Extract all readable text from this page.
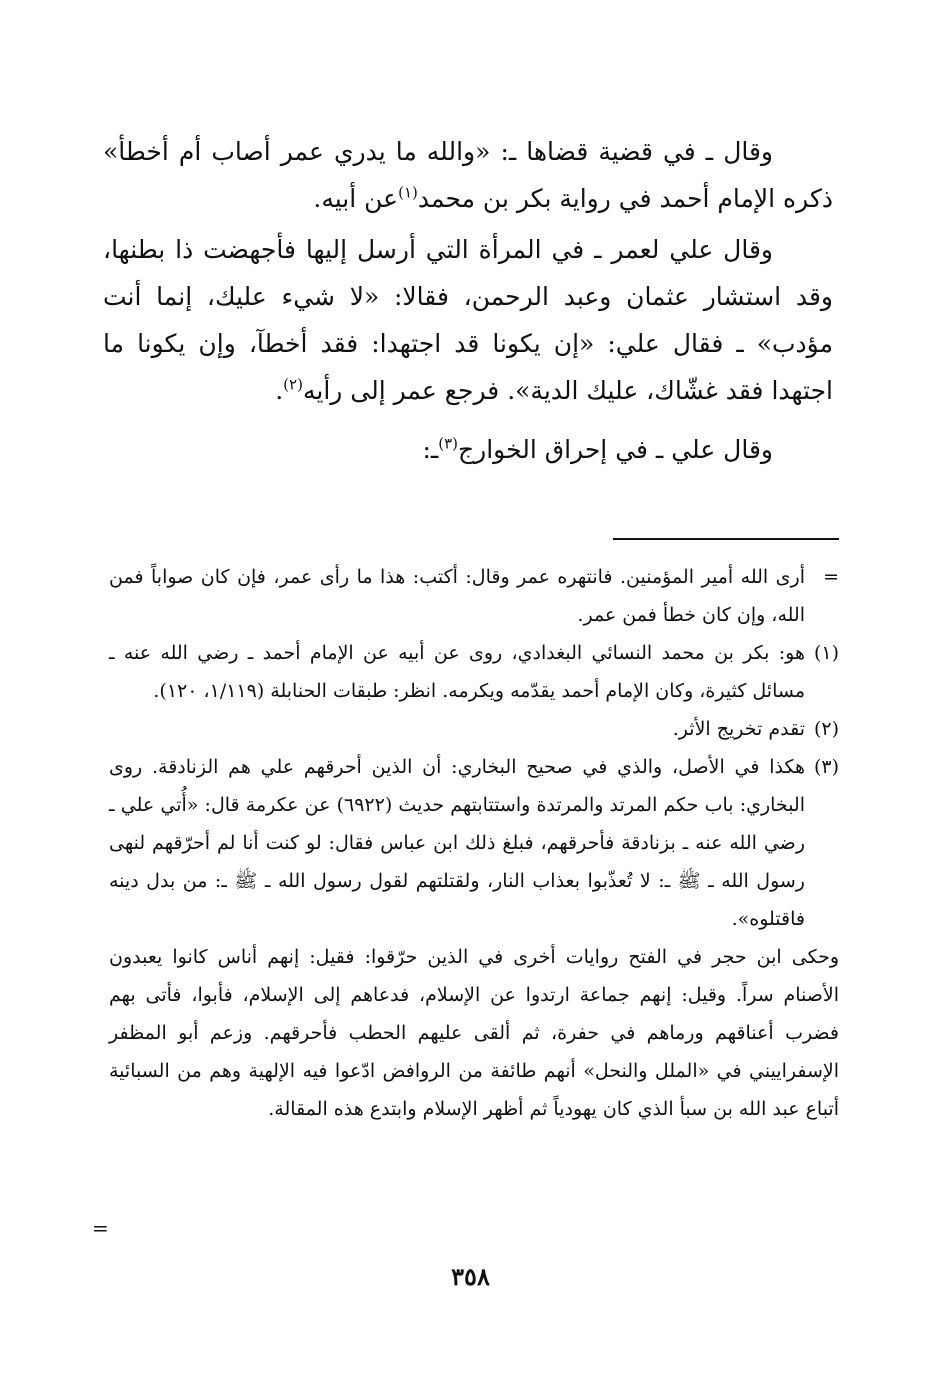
وقال ـ في قضية قضاها ـ: «والله ما يدري عمر أصاب أم أخطأ» ذكره الإمام أحمد في رواية بكر بن محمد$^{(١)}$عن أبيه.

وقال علي لعمر ـ في المرأة التي أرسل إليها فأجهضت ذا بطنها، وقد استشار عثمان وعبد الرحمن، فقالا: «لا شيء عليك، إنما أنت مؤدب» ـ فقال علي: «إن يكونا قد اجتهدا: فقد أخطآ، وإن يكونا ما اجتهدا فقد غشّاك، عليك الدية». فرجع عمر إلى رأيه$^{(٢)}$.

وقال علي ـ في إحراق الخوارج$^{(٣)}$ـ:

=

أرى الله أمير المؤمنين. فانتهره عمر وقال: أكتب: هذا ما رأى عمر، فإن كان صواباً فمن الله، وإن كان خطأ فمن عمر.

(١)

هو: بكر بن محمد النسائي البغدادي، روى عن أبيه عن الإمام أحمد ـ رضي الله عنه ـ مسائل كثيرة، وكان الإمام أحمد يقدّمه ويكرمه. انظر: طبقات الحنابلة (١/١١٩، ١٢٠).

(٢)

تقدم تخريج الأثر.

(٣)

هكذا في الأصل، والذي في صحيح البخاري: أن الذين أحرقهم علي هم الزنادقة. روى البخاري: باب حكم المرتد والمرتدة واستتابتهم حديث (٦٩٢٢) عن عكرمة قال: «أُتي علي ـ رضي الله عنه ـ بزنادقة فأحرقهم، فبلغ ذلك ابن عباس فقال: لو كنت أنا لم أحرّقهم لنهى رسول الله ـ ﷺ ـ: لا تُعذّبوا بعذاب النار، ولقتلتهم لقول رسول الله ـ ﷺ ـ: من بدل دينه فاقتلوه».

وحكى ابن حجر في الفتح روايات أخرى في الذين حرّقوا: فقيل: إنهم أناس كانوا يعبدون الأصنام سراً. وقيل: إنهم جماعة ارتدوا عن الإسلام، فدعاهم إلى الإسلام، فأبوا، فأتى بهم فضرب أعناقهم ورماهم في حفرة، ثم ألقى عليهم الحطب فأحرقهم. وزعم أبو المظفر الإسفراييني في «الملل والنحل» أنهم طائفة من الروافض ادّعوا فيه الإلهية وهم من السبائية أتباع عبد الله بن سبأ الذي كان يهودياً ثم أظهر الإسلام وابتدع هذه المقالة.

=
٣٥٨
